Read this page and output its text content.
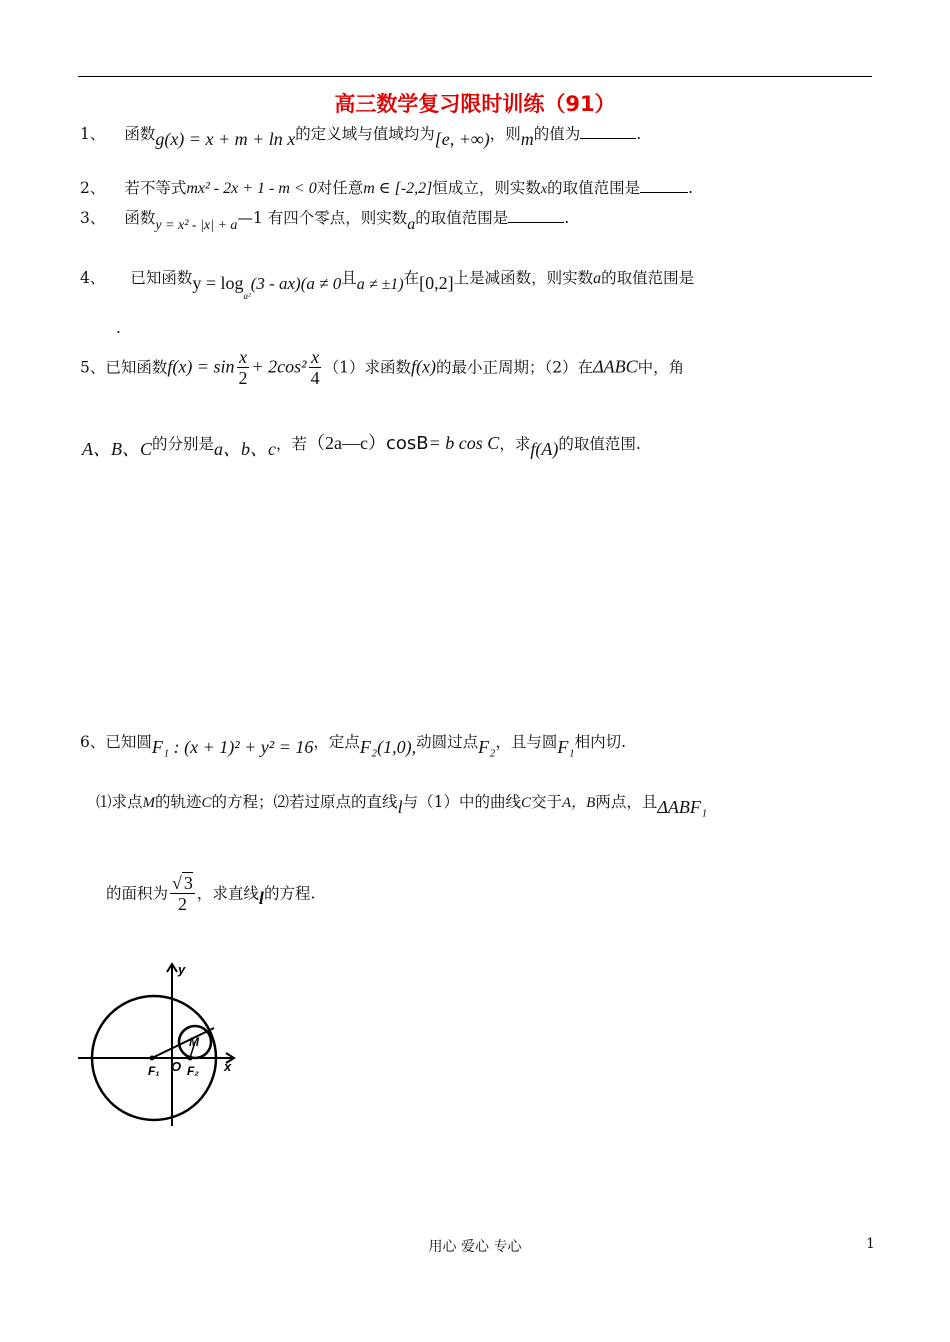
高三数学复习限时训练（91）
1、 函数g(x) = x + m + ln x的定义域与值域均为[e, +∞)，则m的值为	.
2、 若不等式mx² - 2x + 1 - m < 0对任意m ∈ [-2,2]恒成立，则实数x的取值范围是	.
3、 函数y = x² - |x| + a—1 有四个零点，则实数a的取值范围是	.
4、 已知函数$y = \log_{a^2}(3 - ax)(a \ne 0$且a ≠ ±1)在[0,2]上是减函数，则实数a的取值范围是
.
5、已知函数$f(x) = \sin \frac{x}{2} + 2\cos^2 \frac{x}{4} (1)$求函数f(x)的最小正周期；（2）在ΔABC中，角
A、B、C的分别是a、b、c，若（2a—c）cosB= b cos C，求f(A)的取值范围.
6、已知圆F₁ : (x + 1)² + y² = 16，定点F₂(1,0),动圆过点F₂，且与圆F₁相内切.
⑴求点M的轨迹C的方程；⑵若过原点的直线l与（1）中的曲线C交于A，B两点，且ΔABF₁
的面积为 $\frac{√ 3}{2}$ ，求直线l的方程.
y
x
M
F₁ O F₂
用心 爱心 专心	1
